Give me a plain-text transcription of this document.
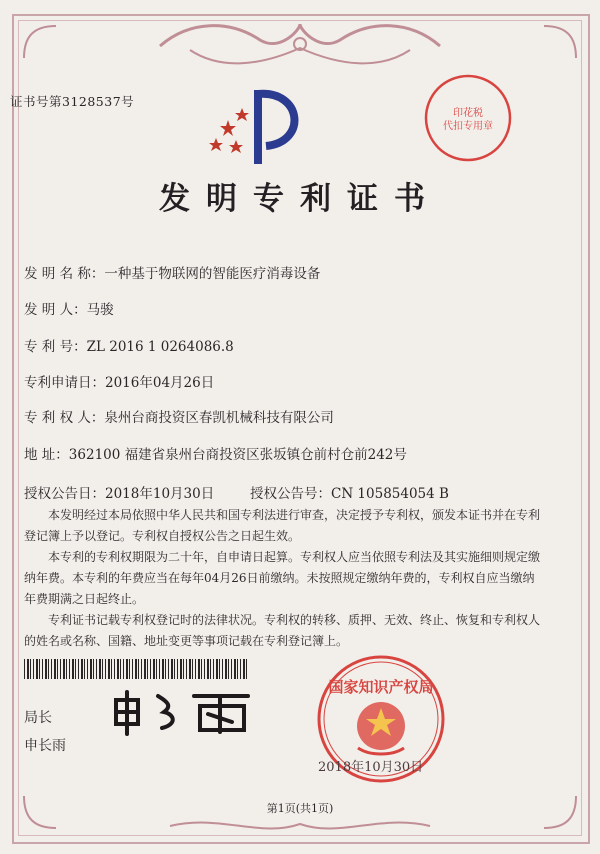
证书号第3128537号
印花税
代扣专用章
发明专利证书
发 明 名 称：一种基于物联网的智能医疗消毒设备
发 明 人：马骏
专 利 号：ZL 2016 1 0264086.8
专利申请日：2016年04月26日
专 利 权 人：泉州台商投资区春凯机械科技有限公司
地 址：362100 福建省泉州台商投资区张坂镇仓前村仓前242号
授权公告日：2018年10月30日	授权公告号：CN 105854054 B

本发明经过本局依照中华人民共和国专利法进行审查，决定授予专利权，颁发本证书并在专利登记簿上予以登记。专利权自授权公告之日起生效。

本专利的专利权期限为二十年，自申请日起算。专利权人应当依照专利法及其实施细则规定缴纳年费。本专利的年费应当在每年04月26日前缴纳。未按照规定缴纳年费的，专利权自应当缴纳年费期满之日起终止。

专利证书记载专利权登记时的法律状况。专利权的转移、质押、无效、终止、恢复和专利权人的姓名或名称、国籍、地址变更等事项记载在专利登记簿上。

局长
申长雨
国家知识产权局
2018年10月30日
第1页(共1页)
